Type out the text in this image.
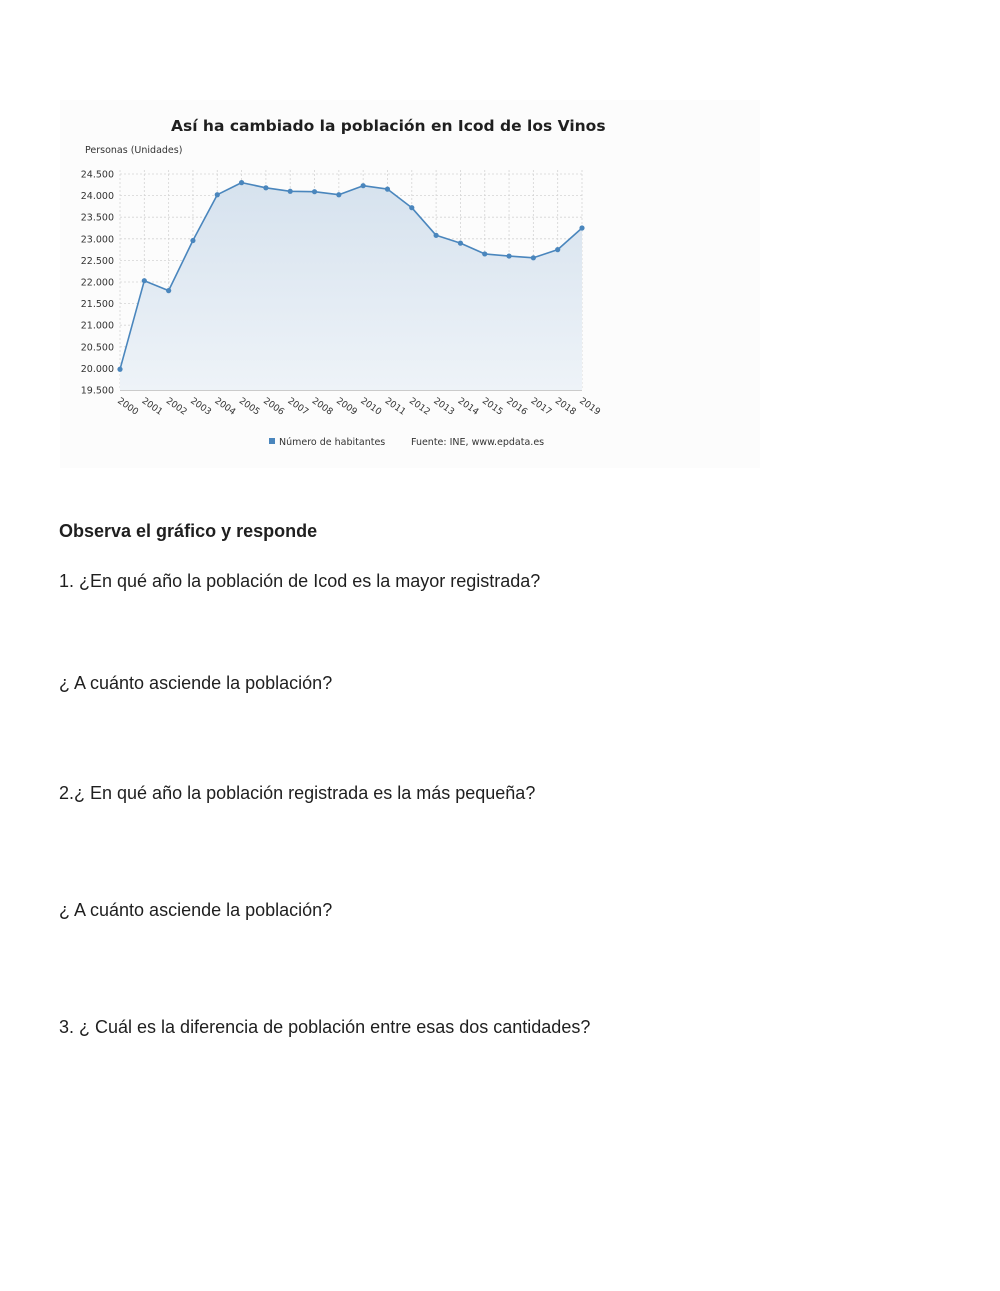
Así ha cambiado la población en Icod de los Vinos
Personas (Unidades)
24.500
24.000
23.500
23.000
22.500
22.000
21.500
21.000
20.500
20.000
19.500
2000 2001 2002 2003 2004 2005 2006 2007 2008 2009 2010 2011 2012 2013 2014 2015 2016 2017 2018 2019
Número de habitantes	Fuente: INE, www.epdata.es
Observa el gráfico y responde
1. ¿En qué año la población de Icod es la mayor registrada?
¿ A cuánto asciende la población?
2.¿ En qué año la población registrada es la más pequeña?
¿ A cuánto asciende la población?
3. ¿ Cuál es la diferencia de población entre esas dos cantidades?
